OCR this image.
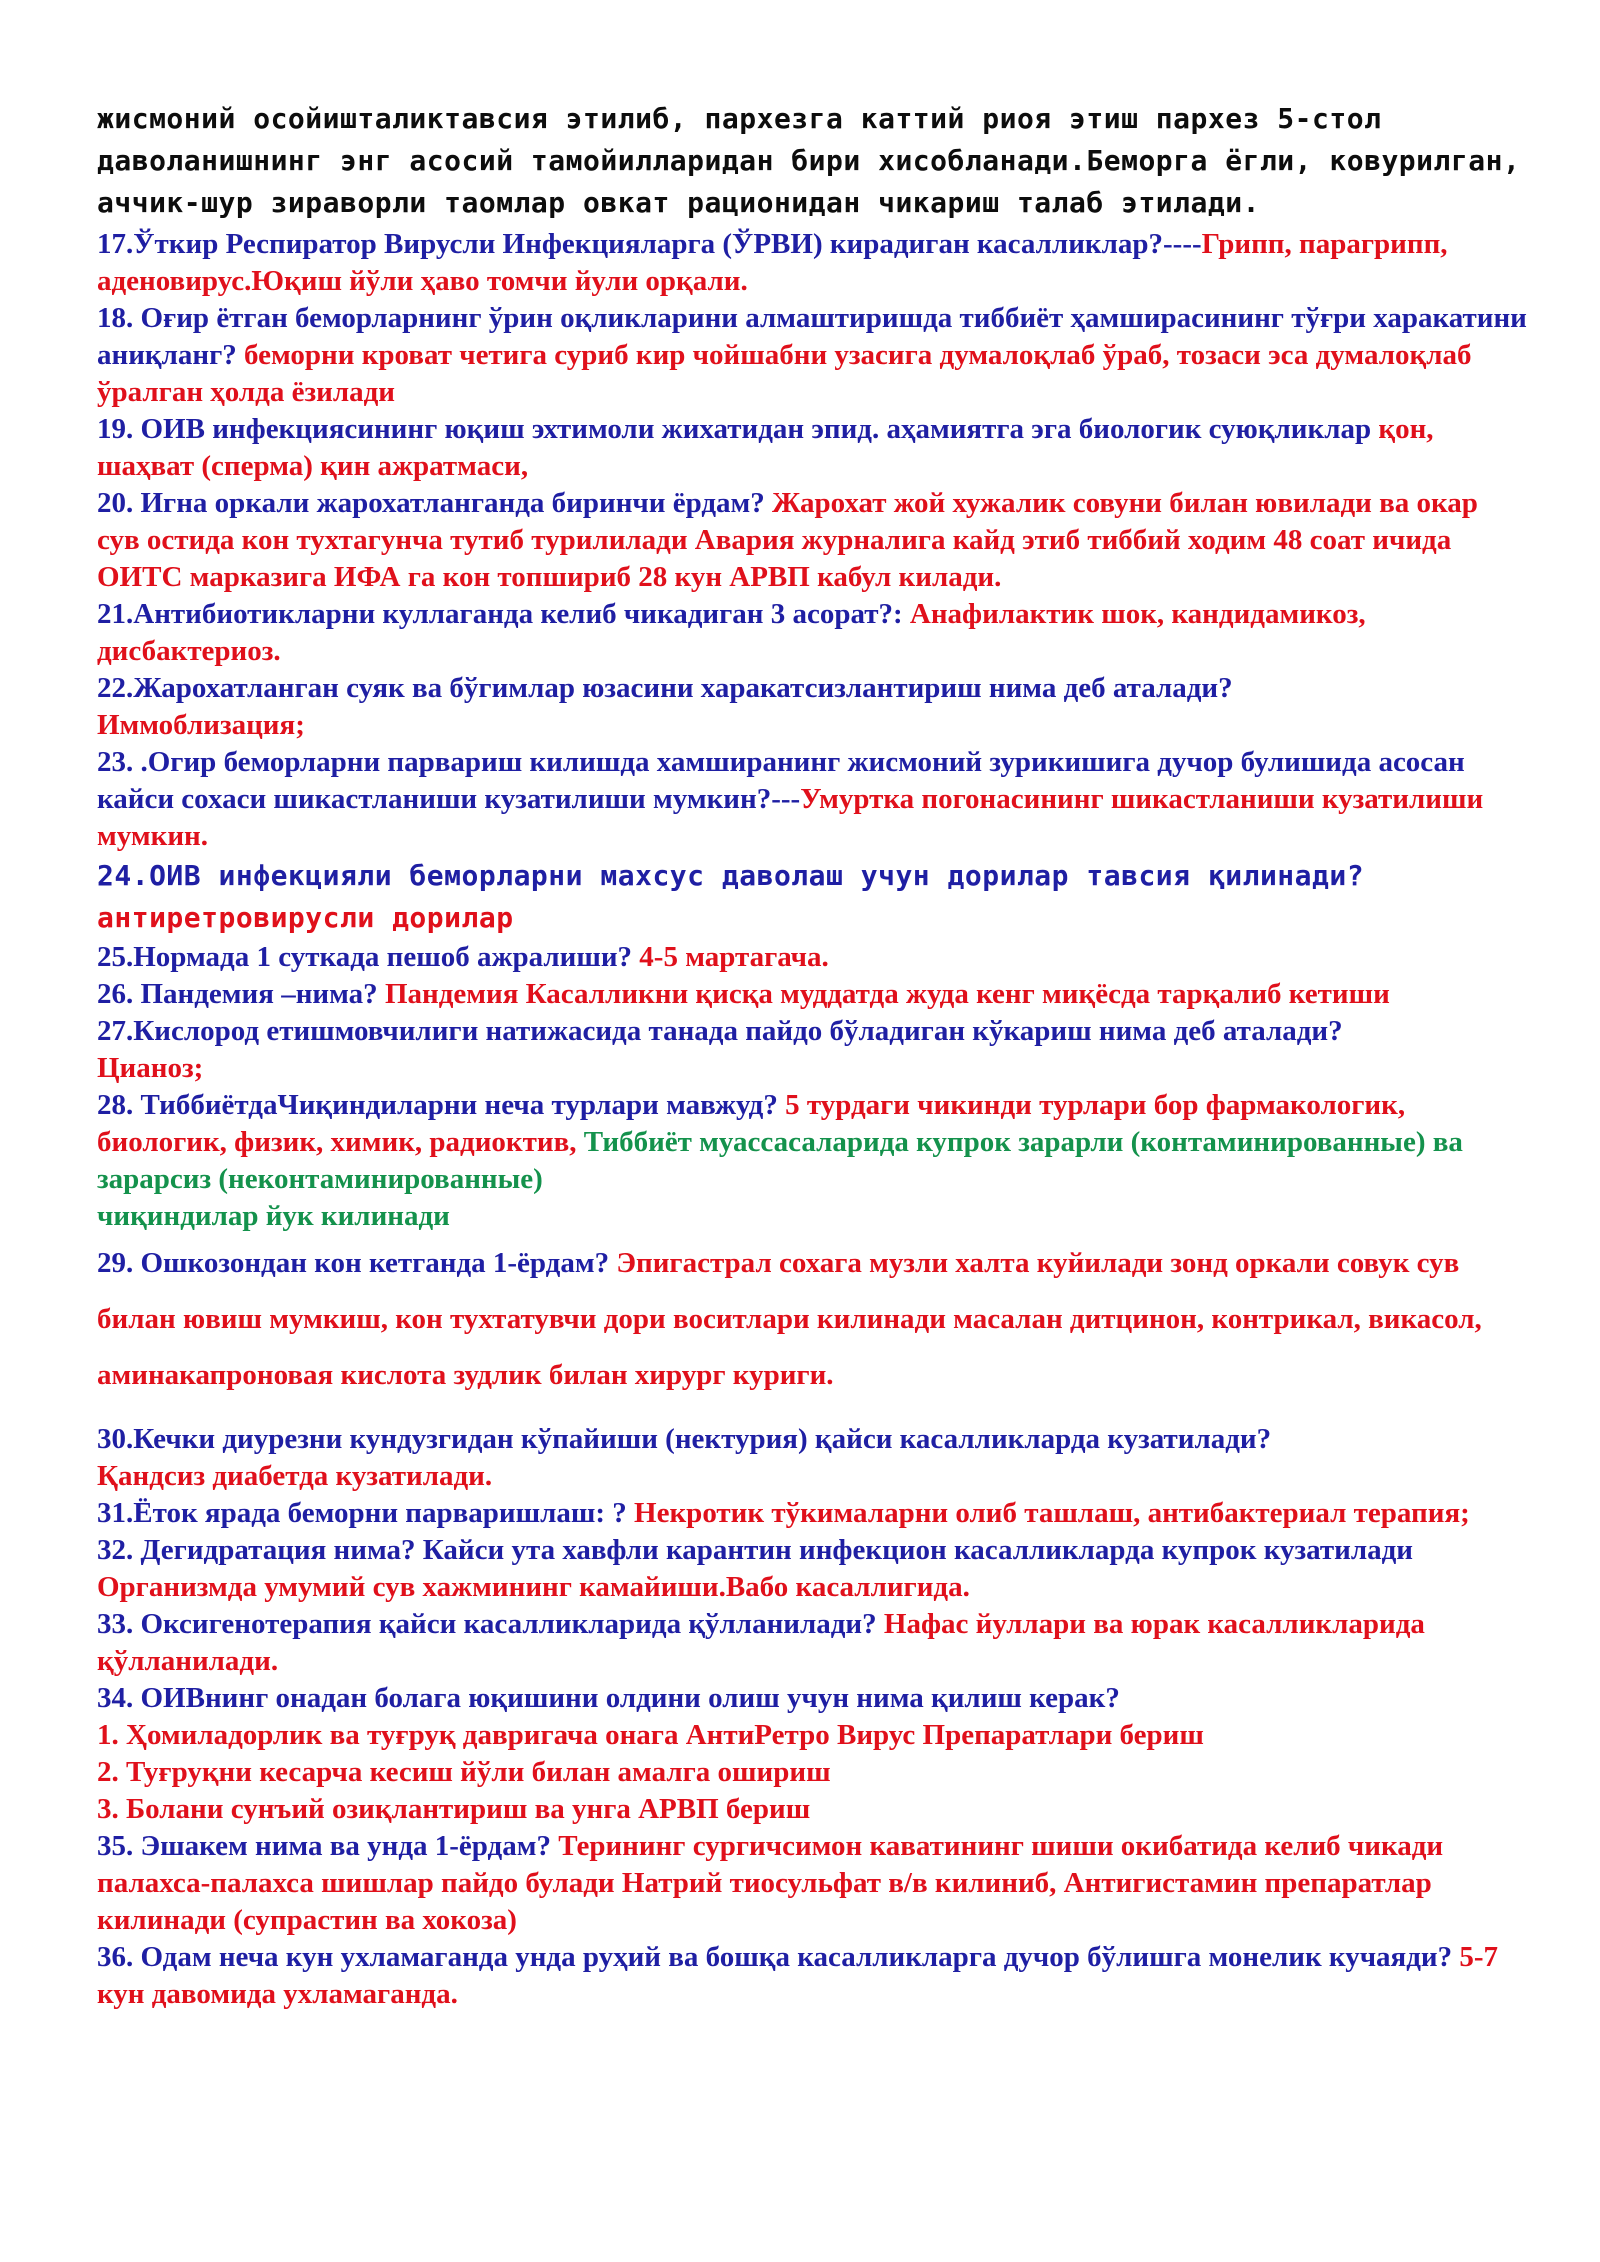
жисмоний осойишталиктавсия этилиб, пархезга каттий риоя этиш пархез 5-стол даволанишнинг энг асосий тамойилларидан бири хисобланади.Беморга ёгли, ковурилган, аччик-шур зираворли таомлар овкат рационидан чикариш талаб этилади.

17.Ўткир Респиратор Вирусли Инфекцияларга (ЎРВИ) кирадиган касалликлар?----Грипп, парагрипп, аденовирус.Юқиш йўли ҳаво томчи йули орқали.

18. Оғир ётган беморларнинг ўрин оқликларини алмаштиришда тиббиёт ҳамширасининг тўғри харакатини аниқланг? беморни кроват четига суриб кир чойшабни узасига думалоқлаб ўраб, тозаси эса думалоқлаб ўралган ҳолда ёзилади

19. ОИВ инфекциясининг юқиш эхтимоли жихатидан эпид. аҳамиятга эга биологик суюқликлар қон, шаҳват (сперма) қин ажратмаси,

20. Игна оркали жарохатланганда биринчи ёрдам? Жарохат жой хужалик совуни билан ювилади ва окар сув остида кон тухтагунча тутиб турилилади Авария журналига кайд этиб тиббий ходим 48 соат ичида ОИТС марказига ИФА га кон топшириб 28 кун АРВП кабул килади.

21.Антибиотикларни куллаганда келиб чикадиган 3 асорат?: Анафилактик шок, кандидамикоз, дисбактериоз.

22.Жарохатланган суяк ва бўгимлар юзасини харакатсизлантириш нима деб аталади?
Иммоблизация;

23. .Огир беморларни парвариш килишда хамширанинг жисмоний зурикишига дучор булишида асосан кайси сохаси шикастланиши кузатилиши мумкин?---Умуртка погонасининг шикастланиши кузатилиши мумкин.

24.ОИВ инфекцияли беморларни махсус даволаш учун дорилар тавсия қилинади?
антиретровирусли дорилар

25.Нормада 1 суткада пешоб ажралиши? 4-5 мартагача.

26. Пандемия –нима? Пандемия Касалликни қисқа муддатда жуда кенг миқёсда тарқалиб кетиши

27.Кислород етишмовчилиги натижасида танада пайдо бўладиган кўкариш нима деб аталади?
Цианоз;

28. ТиббиётдаЧиқиндиларни неча турлари мавжуд? 5 турдаги чикинди турлари бор фармакологик, биологик, физик, химик, радиоктив, Тиббиёт муассасаларида купрок зарарли (контаминированные) ва зарарсиз (неконтаминированные)
чиқиндилар йук килинади

29. Ошкозондан кон кетганда 1-ёрдам? Эпигастрал сохага музли халта куйилади зонд оркали совук сув билан ювиш мумкиш, кон тухтатувчи дори воситлари килинади масалан дитцинон, контрикал, викасол, аминакапроновая кислота зудлик билан хирург куриги.

30.Кечки диурезни кундузгидан кўпайиши (нектурия) қайси касалликларда кузатилади?
Қандсиз диабетда кузатилади.

31.Ёток ярада беморни парваришлаш: ? Некротик тўкималарни олиб ташлаш, антибактериал терапия;

32. Дегидратация нима? Кайси ута хавфли карантин инфекцион касалликларда купрок кузатилади Организмда умумий сув хажмининг камайиши.Вабо касаллигида.

33. Оксигенотерапия қайси касалликларида қўлланилади? Нафас йуллари ва юрак касалликларида қўлланилади.

34. ОИВнинг онадан болага юқишини олдини олиш учун нима қилиш керак?
1. Ҳомиладорлик ва туғруқ давригача онага АнтиРетро Вирус Препаратлари бериш
2. Туғруқни кесарча кесиш йўли билан амалга ошириш
3. Болани сунъий озиқлантириш ва унга АРВП бериш

35. Эшакем нима ва унда 1-ёрдам? Терининг сургичсимон каватининг шиши окибатида келиб чикади палахса-палахса шишлар пайдо булади Натрий тиосульфат в/в килиниб, Антигистамин препаратлар килинади (супрастин ва хокоза)

36. Одам неча кун ухламаганда унда руҳий ва бошқа касалликларга дучор бўлишга монелик кучаяди? 5-7 кун давомида ухламаганда.
